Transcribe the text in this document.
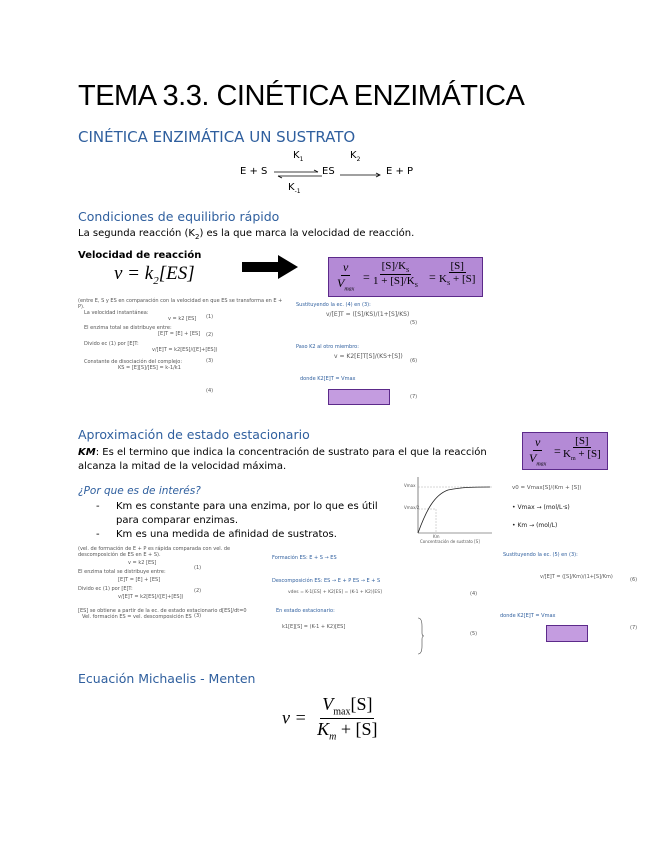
TEMA 3.3. CINÉTICA ENZIMÁTICA
CINÉTICA ENZIMÁTICA UN SUSTRATO
E + S
$K_1$
$K_{-1}$
ES
$K_2$
E + P
Condiciones de equilibrio rápido
La segunda reacción $(K_2)$ es la que marca la velocidad de reacción.
Velocidad de reacción
$v = k_2[ES]$	$\frac{v}{V_{max}} = \frac{[S]/K_S}{1 + [S]/K_S} = \frac{[S]}{K_S + [S]}$
(entre E, S y ES en comparación con la velocidad en que ES se transforma en E + P).
La velocidad instantánea:
v = k2 [ES]
El enzima total se distribuye entre:
[E]T = [E] + [ES]
Divido ec (1) por [E]T:
v/[E]T = k2[ES]/([E]+[ES])
Constante de disociación del complejo:
KS = [E][S]/[ES] = k-1/k1
(1)
(2)
(3)
(4)
Sustituyendo la ec. (4) en (3):
v/[E]T = ([S]/KS)/(1+[S]/KS)
(5)
Paso K2 al otro miembro:
v = K2[E]T[S]/(KS+[S])
(6)
donde K2[E]T = Vmax
(7)
Aproximación de estado estacionario
KM: Es el termino que indica la concentración de sustrato para el que la reacción alcanza la mitad de la velocidad máxima.	$\frac{v}{V_{max}} = \frac{[S]}{K_m + [S]}$
¿Por que es de interés?
-	Km es constante para una enzima, por lo que es útil para comparar enzimas.
-	Km es una medida de afinidad de sustratos.
Vmax
Vmax/2
Km
Concentración de sustrato [S]
v0 = Vmax[S]/(Km + [S])
• Vmax → (mol/L·s)
• Km → (mol/L)
(vel. de formación de E + P es rápida comparada con vel. de descomposición de ES en E + S).
v = k2 [ES]
El enzima total se distribuye entre:
[E]T = [E] + [ES]
Divido ec (1) por [E]T:
v/[E]T = k2[ES]/([E]+[ES])
[ES] se obtiene a partir de la ec. de estado estacionario d[ES]/dt=0
Vel. formación ES = vel. descomposición ES
(1)
(2)
(3)
Formación ES: E + S → ES
Descomposición ES: ES → E + P ES → E + S
vdes = K-1[ES] + K2[ES] = (K-1 + K2)[ES]	(4)
En estado estacionario:
k1[E][S] = (K-1 + K2)[ES]
(5)
Sustituyendo la ec. (5) en (3):
v/[E]T = ([S]/Km)/(1+[S]/Km)	(6)
donde K2[E]T = Vmax
(7)
Ecuación Michaelis - Menten
$v = \frac{V_{max}[S]}{K_m + [S]}$
